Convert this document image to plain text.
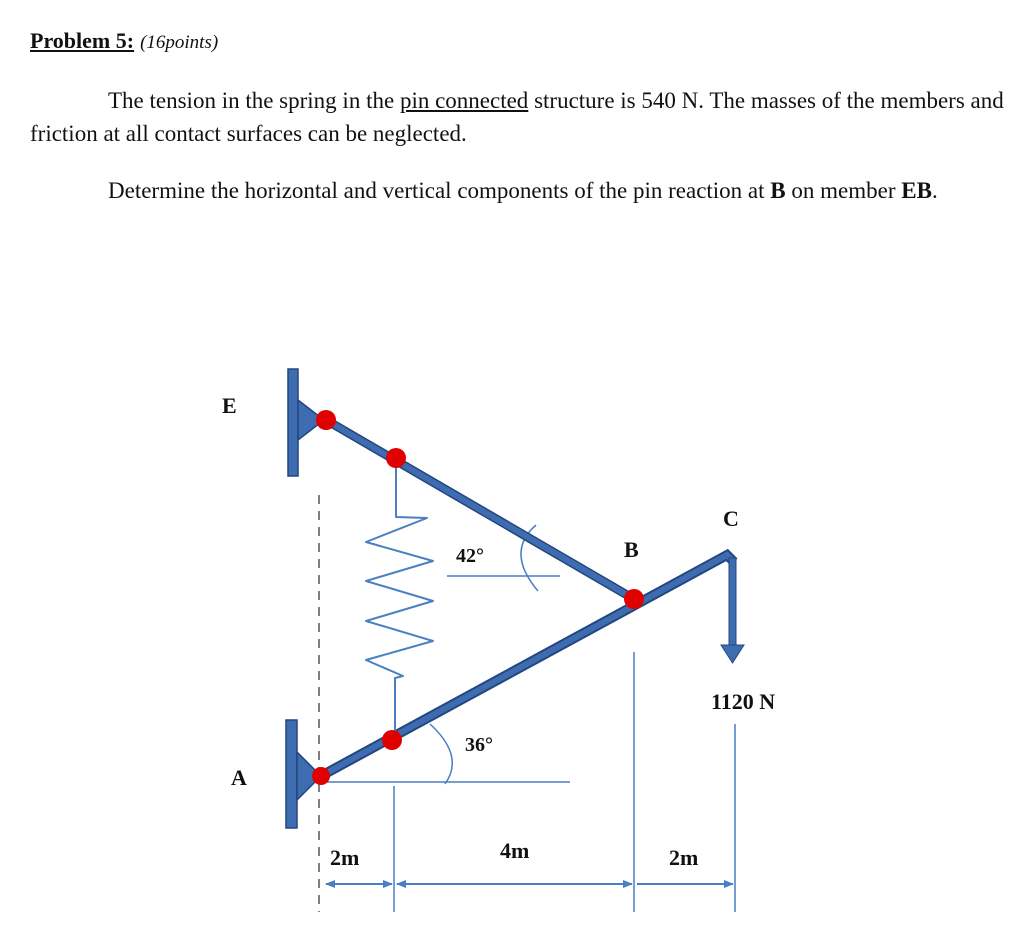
Problem 5: (16points)

The tension in the spring in the pin connected structure is 540 N. The masses of the members and friction at all contact surfaces can be neglected.

Determine the horizontal and vertical components of the pin reaction at B on member EB.

E
A
B
C
42°
36°
1120 N
2m	4m	2m
